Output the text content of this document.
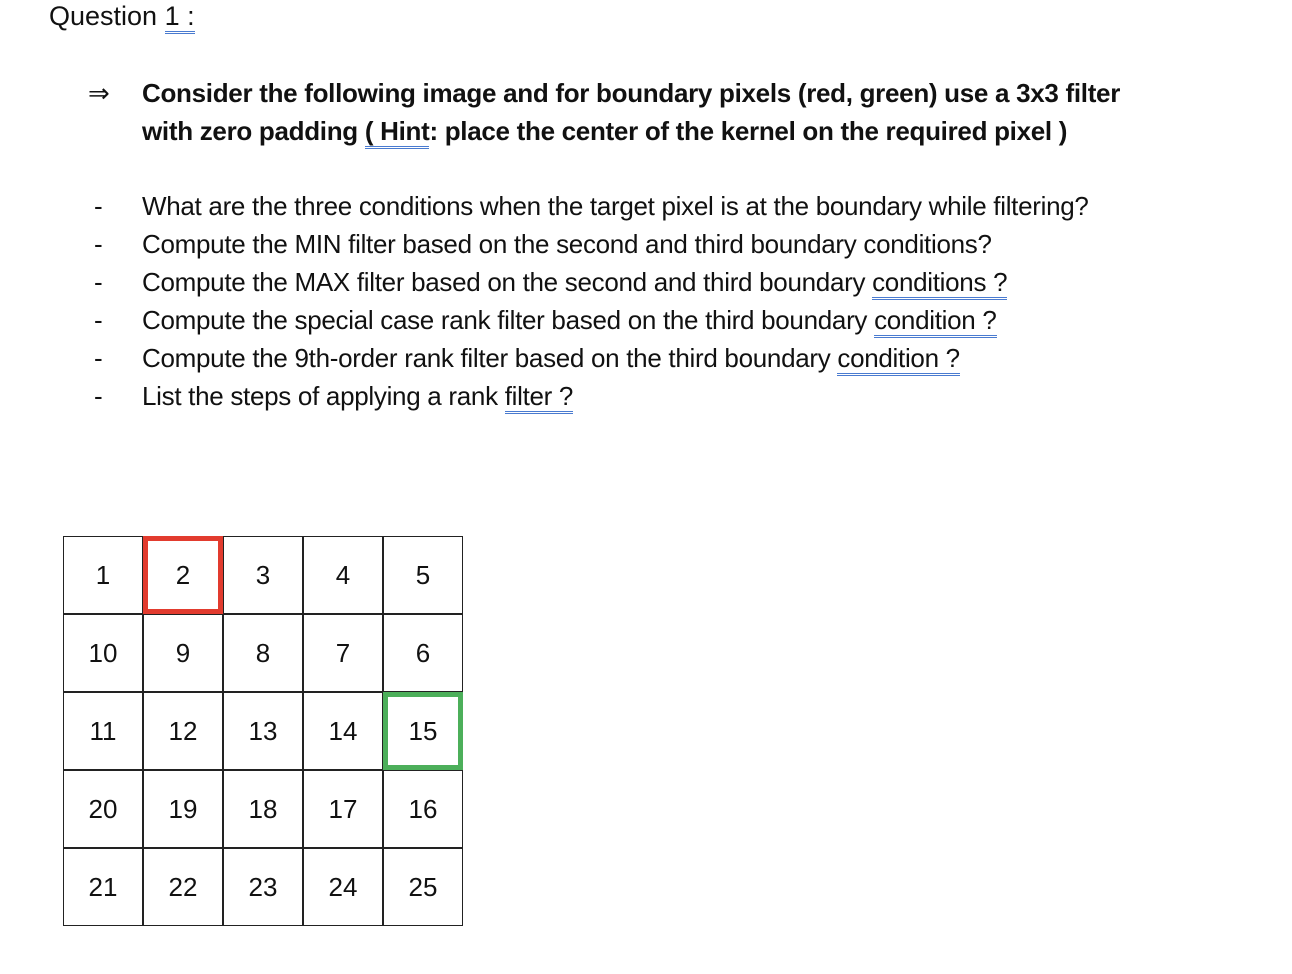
Question 1 :
⇒ Consider the following image and for boundary pixels (red, green) use a 3x3 filter
with zero padding ( Hint: place the center of the kernel on the required pixel )
- What are the three conditions when the target pixel is at the boundary while filtering?
- Compute the MIN filter based on the second and third boundary conditions?
- Compute the MAX filter based on the second and third boundary conditions ?
- Compute the special case rank filter based on the third boundary condition ?
- Compute the 9th-order rank filter based on the third boundary condition ?
- List the steps of applying a rank filter ?
1	2	3	4	5
10	9	8	7	6
11	12	13	14	15
20	19	18	17	16
21	22	23	24	25
